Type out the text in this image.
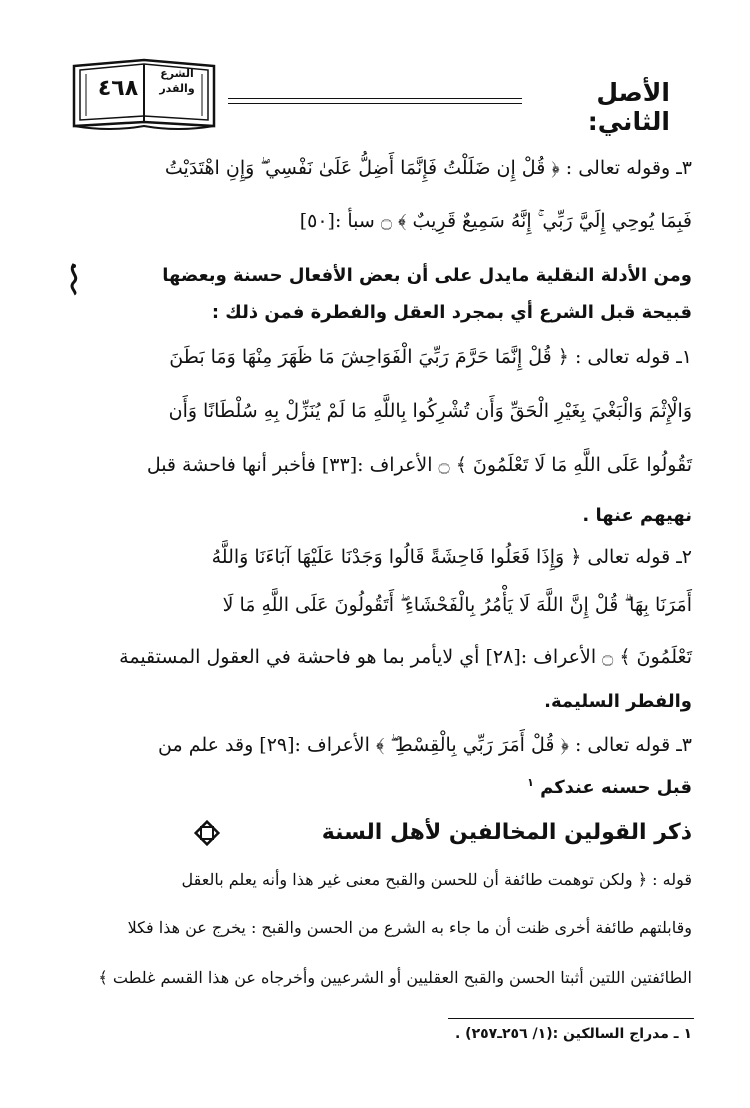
٤٦٨
الشرع
والقدر	الأصل الثاني:
٣ـ وقوله تعالى : ﴿ قُلْ إِن ضَلَلْتُ فَإِنَّمَا أَضِلُّ عَلَىٰ نَفْسِي ۖ وَإِنِ اهْتَدَيْتُ
فَبِمَا يُوحِي إِلَيَّ رَبِّي ۚ إِنَّهُ سَمِيعٌ قَرِيبٌ ﴾ ۝ سبأ :[٥٠]
ومن الأدلة النقلية مايدل على أن بعض الأفعال حسنة وبعضها
قبيحة قبل الشرع أي بمجرد العقل والفطرة فمن ذلك :
١ـ قوله تعالى : ﴿ قُلْ إِنَّمَا حَرَّمَ رَبِّيَ الْفَوَاحِشَ مَا ظَهَرَ مِنْهَا وَمَا بَطَنَ
وَالْإِثْمَ وَالْبَغْيَ بِغَيْرِ الْحَقِّ وَأَن تُشْرِكُوا بِاللَّهِ مَا لَمْ يُنَزِّلْ بِهِ سُلْطَانًا وَأَن
تَقُولُوا عَلَى اللَّهِ مَا لَا تَعْلَمُونَ ﴾ ۝ الأعراف :[٣٣] فأخبر أنها فاحشة قبل
نهيهم عنها .
٢ـ قوله تعالى ﴿ وَإِذَا فَعَلُوا فَاحِشَةً قَالُوا وَجَدْنَا عَلَيْهَا آبَاءَنَا وَاللَّهُ
أَمَرَنَا بِهَا ۗ قُلْ إِنَّ اللَّهَ لَا يَأْمُرُ بِالْفَحْشَاءِ ۖ أَتَقُولُونَ عَلَى اللَّهِ مَا لَا
تَعْلَمُونَ ﴾ ۝ الأعراف :[٢٨] أي لايأمر بما هو فاحشة في العقول المستقيمة
والفطر السليمة.
٣ـ قوله تعالى : ﴿ قُلْ أَمَرَ رَبِّي بِالْقِسْطِ ۖ ﴾ الأعراف :[٢٩] وقد علم من
قبل حسنه عندكم $^١$
ذكر القولين المخالفين لأهل السنة
قوله : ﴿ ولكن توهمت طائفة أن للحسن والقبح معنى غير هذا وأنه يعلم بالعقل
وقابلتهم طائفة أخرى ظنت أن ما جاء به الشرع من الحسن والقبح : يخرج عن هذا فكلا
الطائفتين اللتين أثبتا الحسن والقبح العقليين أو الشرعيين وأخرجاه عن هذا القسم غلطت ﴾
١ ـ مدراج السالكين :(١/ ٢٥٦ـ٢٥٧) .
